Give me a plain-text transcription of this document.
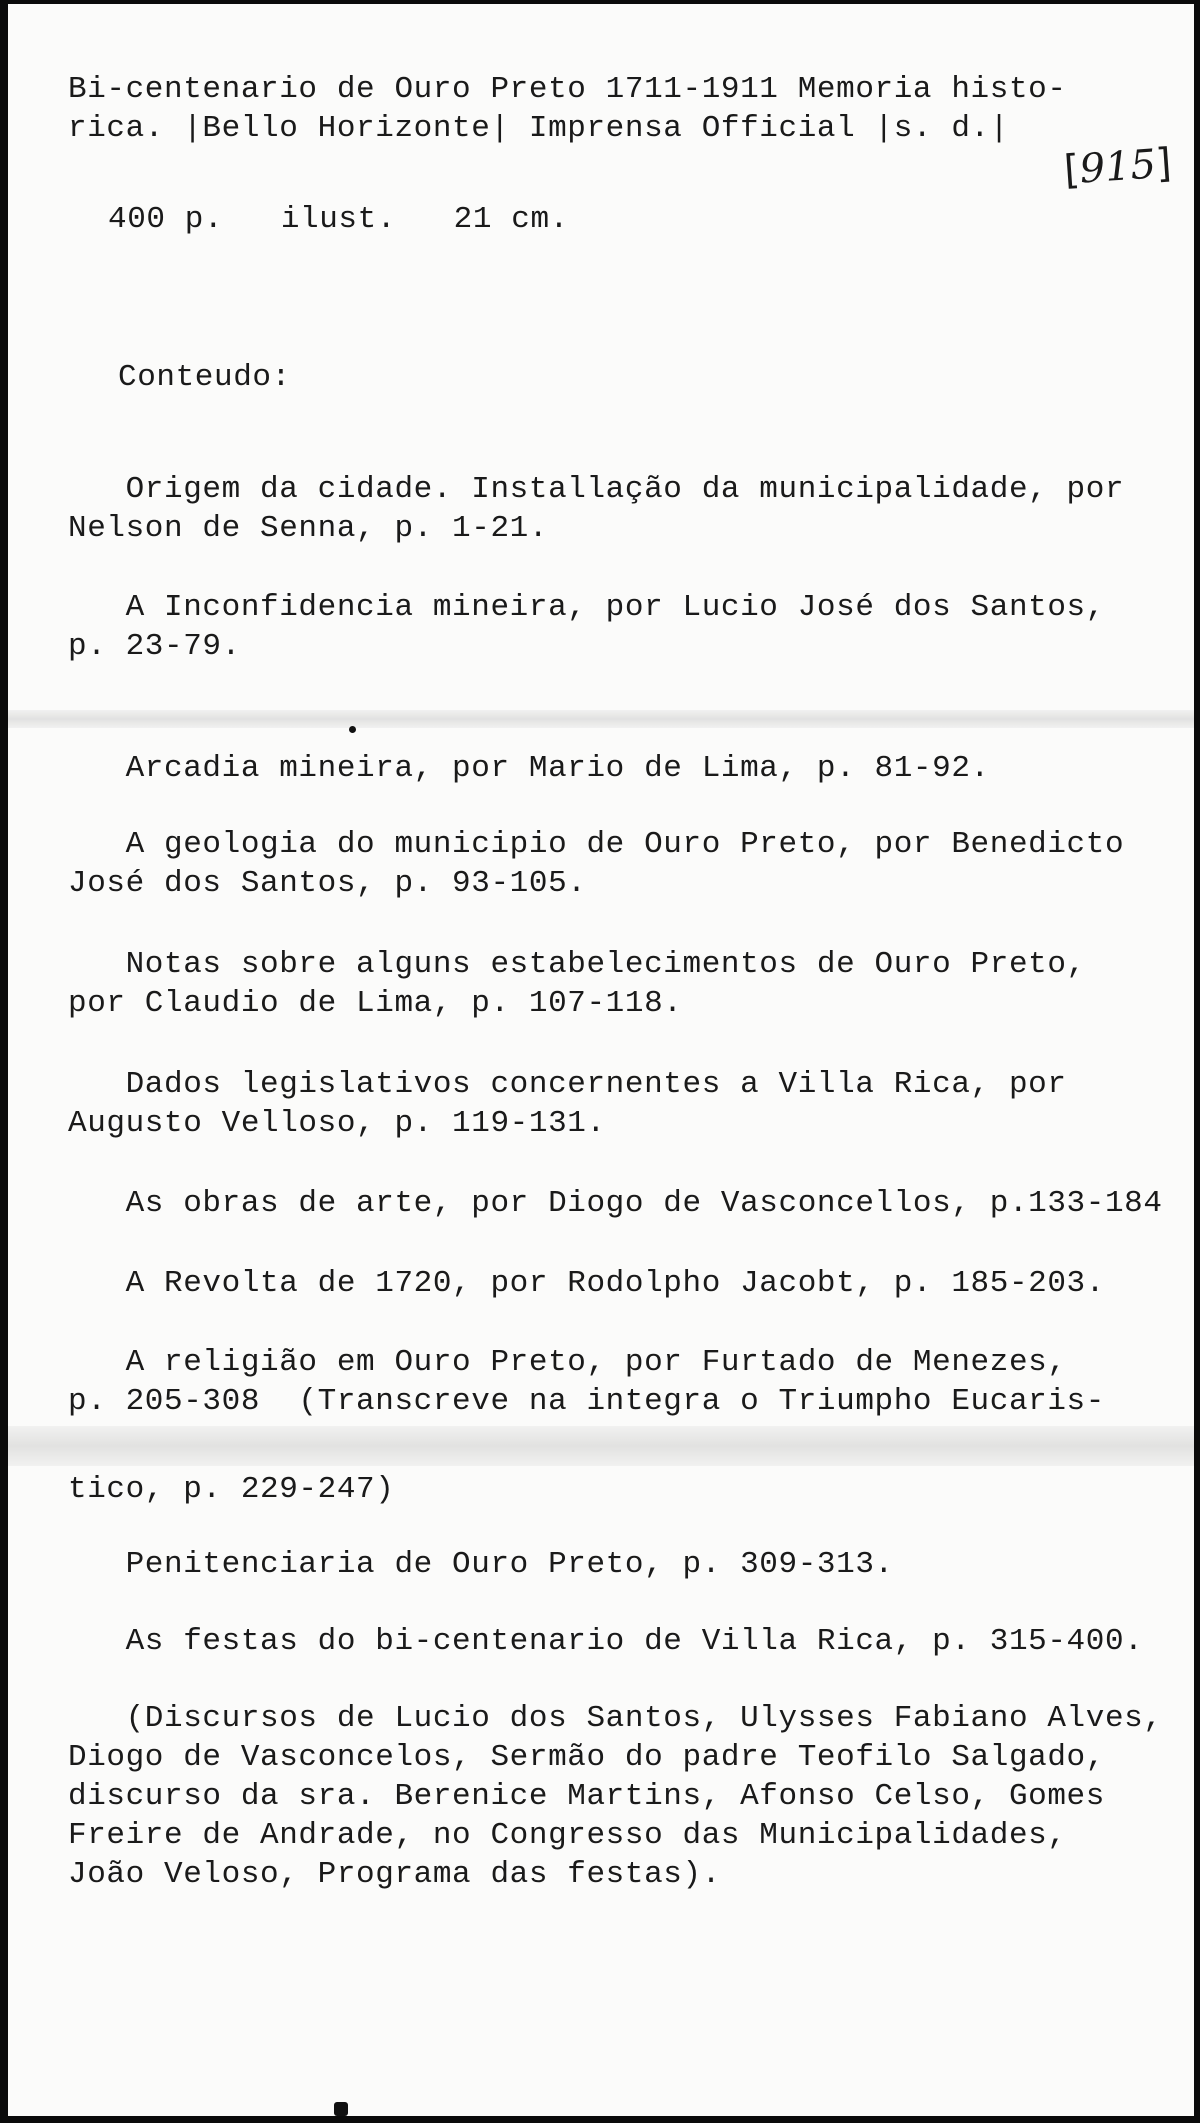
Bi-centenario de Ouro Preto 1711-1911 Memoria histo-
rica. |Bello Horizonte| Imprensa Official |s. d.|
[915]
400 p.   ilust.   21 cm.
Conteudo:
Origem da cidade. Installação da municipalidade, por
Nelson de Senna, p. 1-21.
A Inconfidencia mineira, por Lucio José dos Santos,
p. 23-79.
Arcadia mineira, por Mario de Lima, p. 81-92.
A geologia do municipio de Ouro Preto, por Benedicto
José dos Santos, p. 93-105.
Notas sobre alguns estabelecimentos de Ouro Preto,
por Claudio de Lima, p. 107-118.
Dados legislativos concernentes a Villa Rica, por
Augusto Velloso, p. 119-131.
As obras de arte, por Diogo de Vasconcellos, p.133-184
A Revolta de 1720, por Rodolpho Jacobt, p. 185-203.
A religião em Ouro Preto, por Furtado de Menezes,
p. 205-308  (Transcreve na integra o Triumpho Eucaris-
tico, p. 229-247)
Penitenciaria de Ouro Preto, p. 309-313.
As festas do bi-centenario de Villa Rica, p. 315-400.
(Discursos de Lucio dos Santos, Ulysses Fabiano Alves,
Diogo de Vasconcelos, Sermão do padre Teofilo Salgado,
discurso da sra. Berenice Martins, Afonso Celso, Gomes
Freire de Andrade, no Congresso das Municipalidades,
João Veloso, Programa das festas).
